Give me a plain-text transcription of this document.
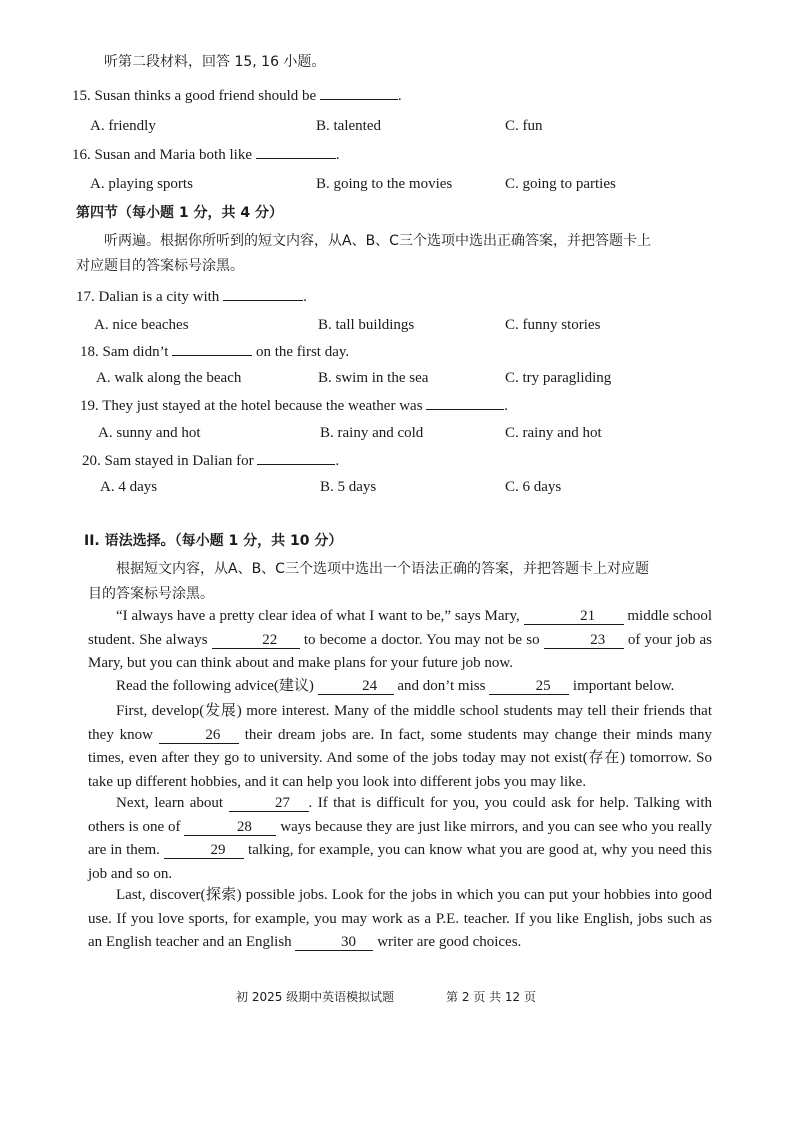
听第二段材料，回答 15, 16 小题。
15. Susan thinks a good friend should be	.
A. friendly	B. talented	C. fun
16. Susan and Maria both like	.
A. playing sports	B. going to the movies	C. going to parties
第四节（每小题 1 分，共 4 分）
听两遍。根据你所听到的短文内容，从A、B、C三个选项中选出正确答案，并把答题卡上
对应题目的答案标号涂黑。
17. Dalian is a city with	.
A. nice beaches	B. tall buildings	C. funny stories
18. Sam didn’t	on the first day.
A. walk along the beach	B. swim in the sea	C. try paragliding
19. They just stayed at the hotel because the weather was	.
A. sunny and hot	B. rainy and cold	C. rainy and hot
20. Sam stayed in Dalian for	.
A. 4 days	B. 5 days	C. 6 days
II. 语法选择。（每小题 1 分，共 10 分）
根据短文内容，从A、B、C三个选项中选出一个语法正确的答案，并把答题卡上对应题
目的答案标号涂黑。
“I always have a pretty clear idea of what I want to be,” says Mary,	21 middle school student. She always	22 to become a doctor. You may not be so	23 of your job as Mary, but you can think about and make plans for your future job now.
Read the following advice(建议)	24 and don’t miss	25 important below.
First, develop(发展) more interest. Many of the middle school students may tell their friends that they know	26 their dream jobs are. In fact, some students may change their minds many times, even after they go to university. And some of the jobs today may not exist(存在) tomorrow. So take up different hobbies, and it can help you look into different jobs you may like.
Next, learn about	27 . If that is difficult for you, you could ask for help. Talking with others is one of	28 ways because they are just like mirrors, and you can see who you really are in them.	29 talking, for example, you can know what you are good at, why you need this job and so on.
Last, discover(探索) possible jobs. Look for the jobs in which you can put your hobbies into good use. If you love sports, for example, you may work as a P.E. teacher. If you like English, jobs such as an English teacher and an English	30 writer are good choices.
初 2025 级期中英语模拟试题	第 2 页 共 12 页
